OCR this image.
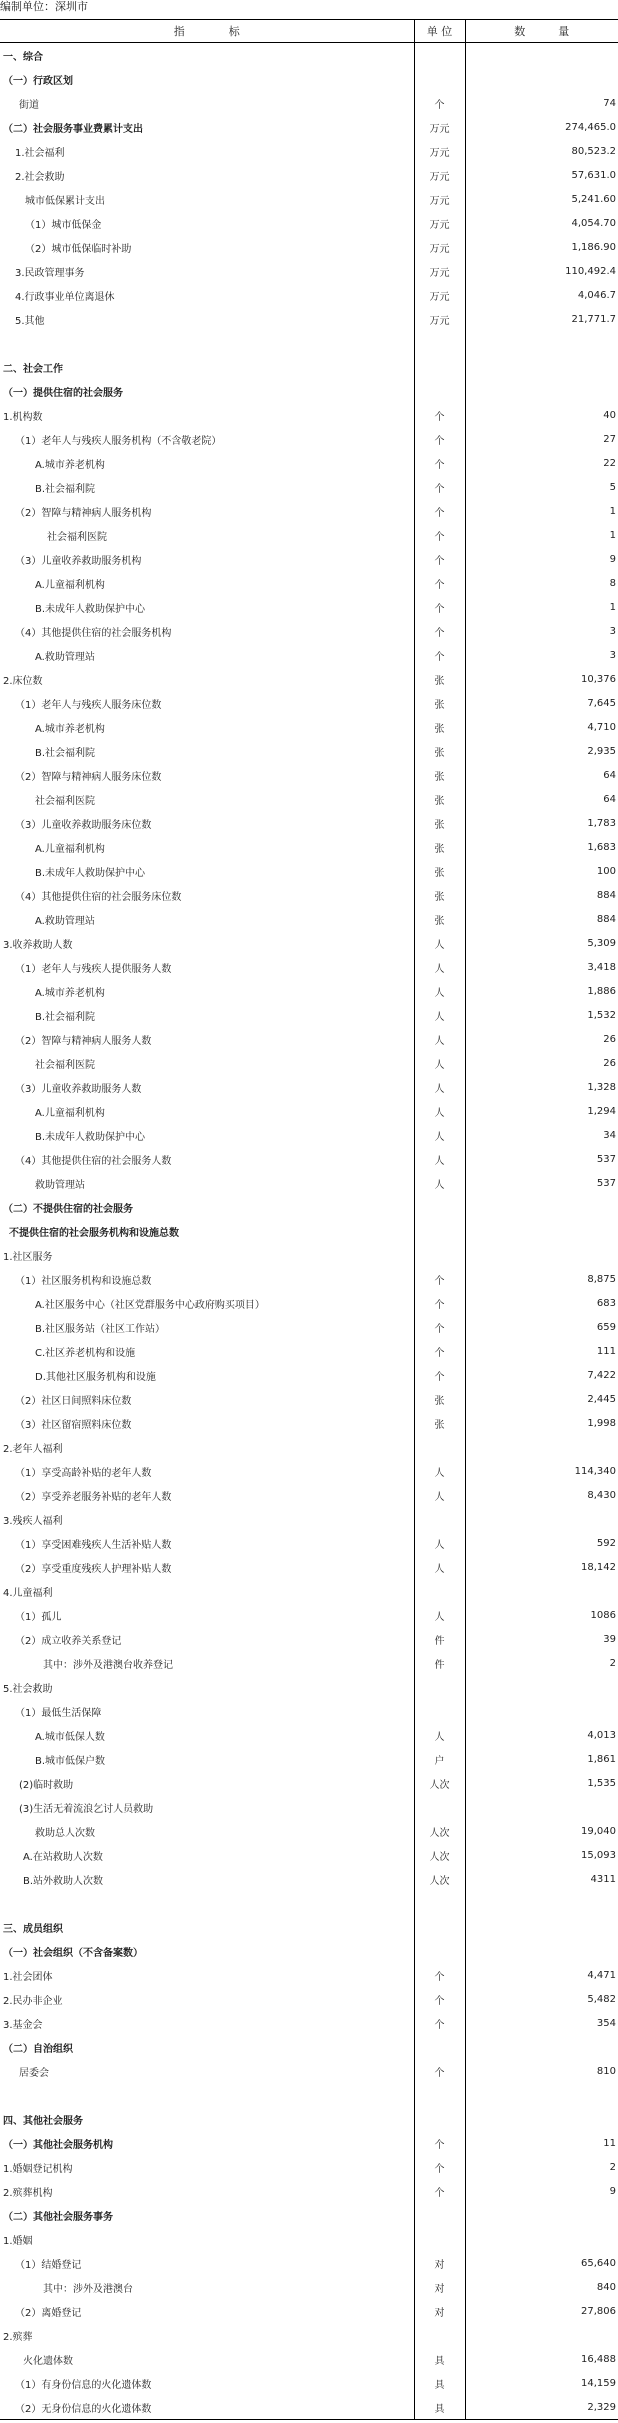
编制单位：深圳市
指　　　　标	单 位	数　　　量
一、综合		
（一）行政区划		
街道	个	74
（二）社会服务事业费累计支出	万元	274,465.0
1.社会福利	万元	80,523.2
2.社会救助	万元	57,631.0
城市低保累计支出	万元	5,241.60
（1）城市低保金	万元	4,054.70
（2）城市低保临时补助	万元	1,186.90
3.民政管理事务	万元	110,492.4
4.行政事业单位离退休	万元	4,046.7
5.其他	万元	21,771.7

二、社会工作		
（一）提供住宿的社会服务		
1.机构数	个	40
（1）老年人与残疾人服务机构（不含敬老院）	个	27
A.城市养老机构	个	22
B.社会福利院	个	5
（2）智障与精神病人服务机构	个	1
社会福利医院	个	1
（3）儿童收养救助服务机构	个	9
A.儿童福利机构	个	8
B.未成年人救助保护中心	个	1
（4）其他提供住宿的社会服务机构	个	3
A.救助管理站	个	3
2.床位数	张	10,376
（1）老年人与残疾人服务床位数	张	7,645
A.城市养老机构	张	4,710
B.社会福利院	张	2,935
（2）智障与精神病人服务床位数	张	64
社会福利医院	张	64
（3）儿童收养救助服务床位数	张	1,783
A.儿童福利机构	张	1,683
B.未成年人救助保护中心	张	100
（4）其他提供住宿的社会服务床位数	张	884
A.救助管理站	张	884
3.收养救助人数	人	5,309
（1）老年人与残疾人提供服务人数	人	3,418
A.城市养老机构	人	1,886
B.社会福利院	人	1,532
（2）智障与精神病人服务人数	人	26
社会福利医院	人	26
（3）儿童收养救助服务人数	人	1,328
A.儿童福利机构	人	1,294
B.未成年人救助保护中心	人	34
（4）其他提供住宿的社会服务人数	人	537
救助管理站	人	537
（二）不提供住宿的社会服务		
不提供住宿的社会服务机构和设施总数		
1.社区服务		
（1）社区服务机构和设施总数	个	8,875
A.社区服务中心（社区党群服务中心政府购买项目）	个	683
B.社区服务站（社区工作站）	个	659
C.社区养老机构和设施	个	111
D.其他社区服务机构和设施	个	7,422
（2）社区日间照料床位数	张	2,445
（3）社区留宿照料床位数	张	1,998
2.老年人福利		
（1）享受高龄补贴的老年人数	人	114,340
（2）享受养老服务补贴的老年人数	人	8,430
3.残疾人福利		
（1）享受困难残疾人生活补贴人数	人	592
（2）享受重度残疾人护理补贴人数	人	18,142
4.儿童福利		
（1）孤儿	人	1086
（2）成立收养关系登记	件	39
其中：涉外及港澳台收养登记	件	2
5.社会救助		
（1）最低生活保障		
A.城市低保人数	人	4,013
B.城市低保户数	户	1,861
(2)临时救助	人次	1,535
(3)生活无着流浪乞讨人员救助		
救助总人次数	人次	19,040
A.在站救助人次数	人次	15,093
B.站外救助人次数	人次	4311

三、成员组织		
（一）社会组织（不含备案数）		
1.社会团体	个	4,471
2.民办非企业	个	5,482
3.基金会	个	354
（二）自治组织		
居委会	个	810

四、其他社会服务		
（一）其他社会服务机构	个	11
1.婚姻登记机构	个	2
2.殡葬机构	个	9
（二）其他社会服务事务		
1.婚姻		
（1）结婚登记	对	65,640
其中：涉外及港澳台	对	840
（2）离婚登记	对	27,806
2.殡葬		
火化遗体数	具	16,488
（1）有身份信息的火化遗体数	具	14,159
（2）无身份信息的火化遗体数	具	2,329
